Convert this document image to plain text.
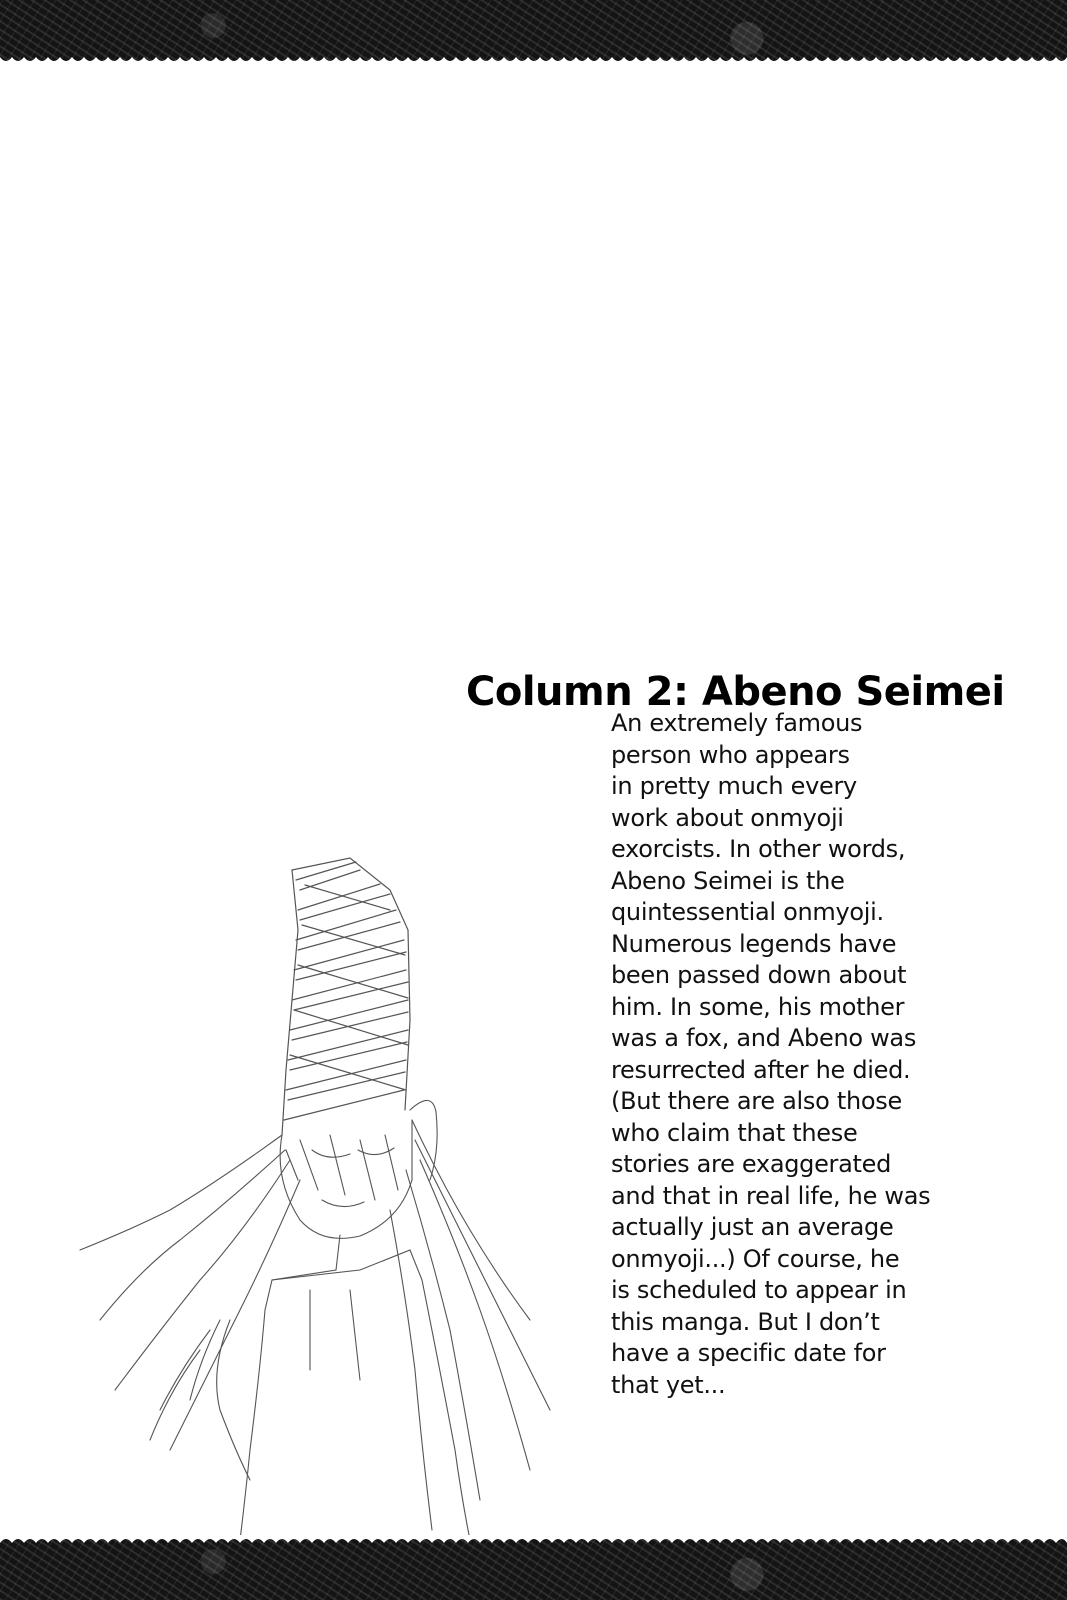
Column 2: Abeno Seimei
An extremely famous
person who appears
in pretty much every
work about onmyoji
exorcists. In other words,
Abeno Seimei is the
quintessential onmyoji.
Numerous legends have
been passed down about
him. In some, his mother
was a fox, and Abeno was
resurrected after he died.
(But there are also those
who claim that these
stories are exaggerated
and that in real life, he was
actually just an average
onmyoji...) Of course, he
is scheduled to appear in
this manga. But I don’t
have a specific date for
that yet...
